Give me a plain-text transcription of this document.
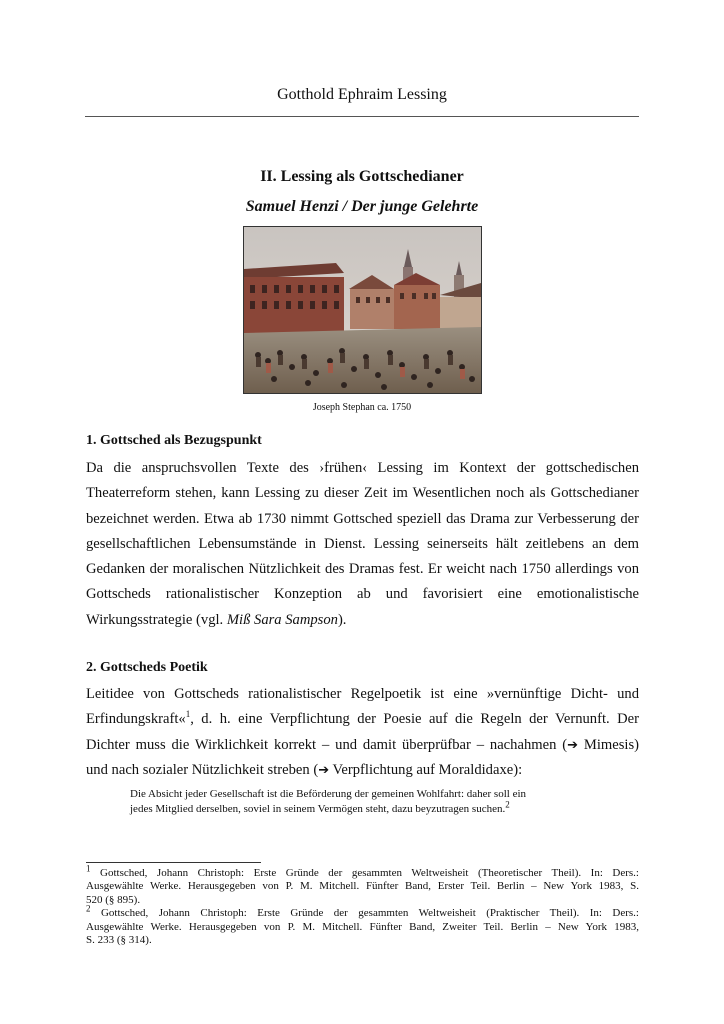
Gotthold Ephraim Lessing
II. Lessing als Gottschedianer
Samuel Henzi / Der junge Gelehrte
Joseph Stephan ca. 1750
1. Gottsched als Bezugspunkt
Da die anspruchsvollen Texte des ›frühen‹ Lessing im Kontext der gottschedischen
Theaterreform stehen, kann Lessing zu dieser Zeit im Wesentlichen noch als Gottschedianer
bezeichnet werden. Etwa ab 1730 nimmt Gottsched speziell das Drama zur Verbesserung der
gesellschaftlichen Lebensumstände in Dienst. Lessing seinerseits hält zeitlebens an dem
Gedanken der moralischen Nützlichkeit des Dramas fest. Er weicht nach 1750 allerdings von
Gottscheds rationalistischer Konzeption ab und favorisiert eine emotionalistische
Wirkungsstrategie (vgl. Miß Sara Sampson).
2. Gottscheds Poetik
Leitidee von Gottscheds rationalistischer Regelpoetik ist eine »vernünftige Dicht- und
Erfindungskraft«$^1$, d. h. eine Verpflichtung der Poesie auf die Regeln der Vernunft. Der
Dichter muss die Wirklichkeit korrekt – und damit überprüfbar – nachahmen (➔ Mimesis)
und nach sozialer Nützlichkeit streben (➔ Verpflichtung auf Moraldidaxe):
Die Absicht jeder Gesellschaft ist die Beförderung der gemeinen Wohlfahrt: daher soll ein
jedes Mitglied derselben, soviel in seinem Vermögen steht, dazu beyzutragen suchen.$^2$
$^1$ Gottsched, Johann Christoph: Erste Gründe der gesammten Weltweisheit (Theoretischer Theil). In: Ders.:
Ausgewählte Werke. Herausgegeben von P. M. Mitchell. Fünfter Band, Erster Teil. Berlin – New York 1983, S.
520 (§ 895).
$^2$ Gottsched, Johann Christoph: Erste Gründe der gesammten Weltweisheit (Praktischer Theil). In: Ders.:
Ausgewählte Werke. Herausgegeben von P. M. Mitchell. Fünfter Band, Zweiter Teil. Berlin – New York 1983,
S. 233 (§ 314).
